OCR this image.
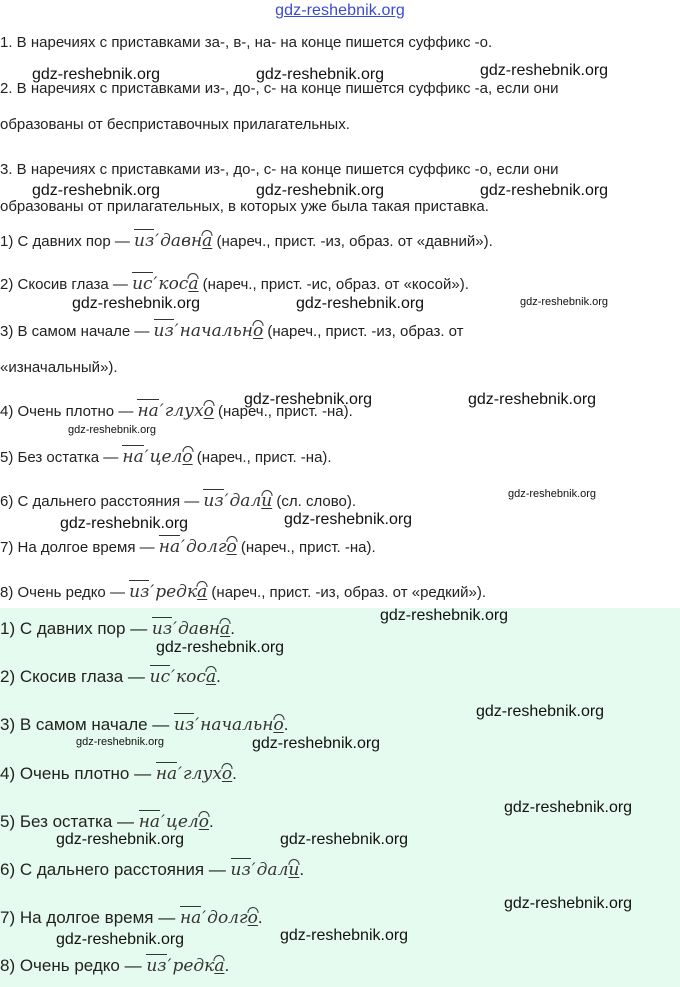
gdz-reshebnik.org
1. В наречиях с приставками за-, в-, на- на конце пишется суффикс -о.
2. В наречиях с приставками из-, до-, с- на конце пишется суффикс -а, если они
образованы от бесприставочных прилагательных.
3. В наречиях с приставками из-, до-, с- на конце пишется суффикс -о, если они
образованы от прилагательных, в которых уже была такая приставка.
1) С давних пор — из′давн
а (нареч., прист. -из, образ. от «давний»).
2) Скосив глаза — ис′кос
а (нареч., прист. -ис, образ. от «косой»).
3) В самом начале — из′начальн
о (нареч., прист. -из, образ. от
«изначальный»).
4) Очень плотно — на′глух
о (нареч., прист. -на).
5) Без остатка — на′цел
о (нареч., прист. -на).
6) С дальнего расстояния — из′дал
и (сл. слово).
7) На долгое время — на′долг
о (нареч., прист. -на).
8) Очень редко — из′редк
а (нареч., прист. -из, образ. от «редкий»).
1) С давних пор — из′давн
а.
2) Скосив глаза — ис′кос
а.
3) В самом начале — из′начальн
о.
4) Очень плотно — на′глух
о.
5) Без остатка — на′цел
о.
6) С дальнего расстояния — из′дал
и.
7) На долгое время — на′долг
о.
8) Очень редко — из′редк
а.
gdz-reshebnik.org	gdz-reshebnik.org	gdz-reshebnik.org
gdz-reshebnik.org	gdz-reshebnik.org	gdz-reshebnik.org
gdz-reshebnik.org	gdz-reshebnik.org	gdz-reshebnik.org
gdz-reshebnik.org	gdz-reshebnik.org
gdz-reshebnik.org
gdz-reshebnik.org
gdz-reshebnik.org	gdz-reshebnik.org
gdz-reshebnik.org
gdz-reshebnik.org
gdz-reshebnik.org
gdz-reshebnik.org	gdz-reshebnik.org
gdz-reshebnik.org
gdz-reshebnik.org	gdz-reshebnik.org
gdz-reshebnik.org
gdz-reshebnik.org	gdz-reshebnik.org
